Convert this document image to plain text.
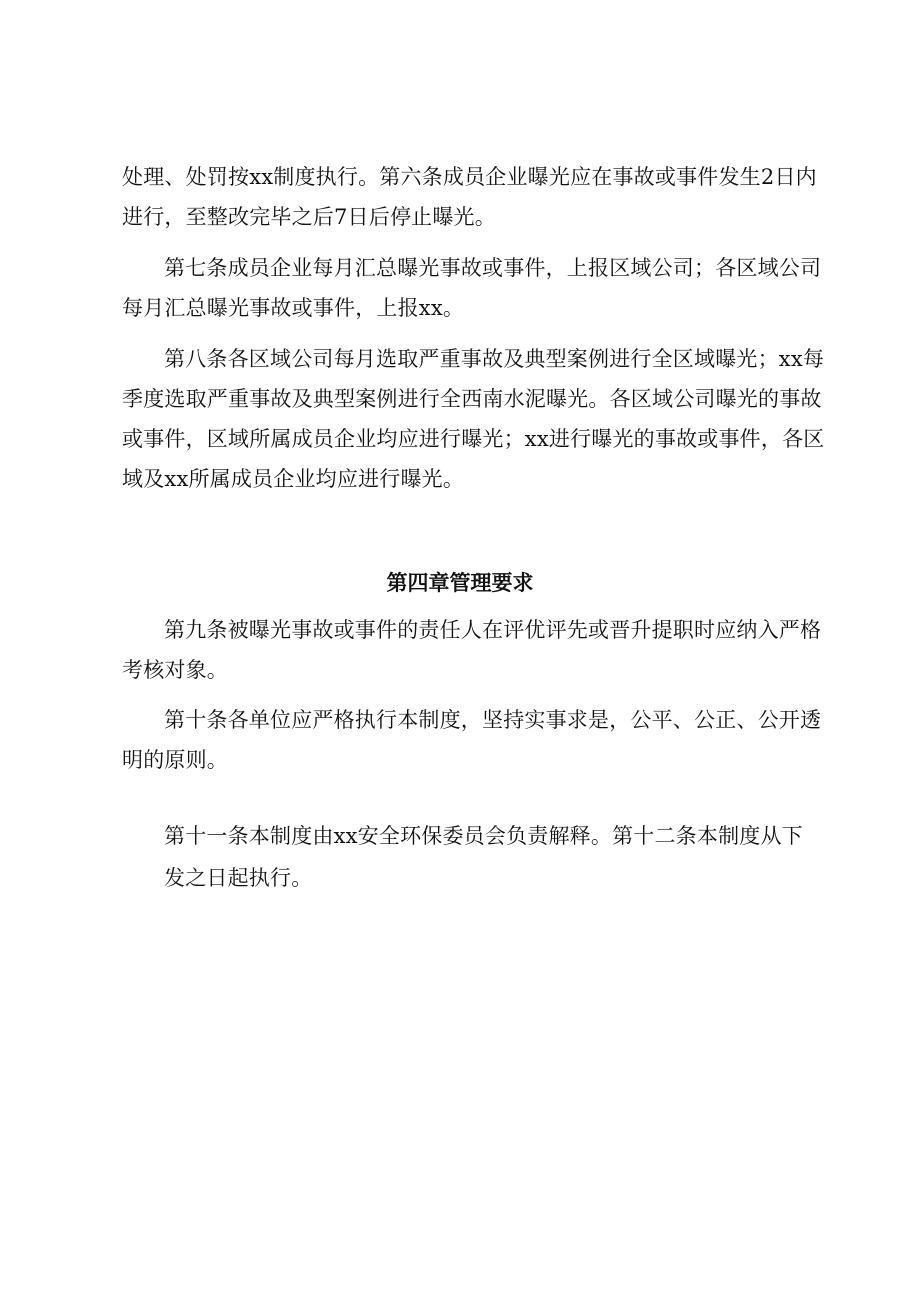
处理、处罚按xx制度执行。第六条成员企业曝光应在事故或事件发生2日内进行，至整改完毕之后7日后停止曝光。

第七条成员企业每月汇总曝光事故或事件，上报区域公司；各区域公司每月汇总曝光事故或事件，上报xx。

第八条各区域公司每月选取严重事故及典型案例进行全区域曝光；xx每季度选取严重事故及典型案例进行全西南水泥曝光。各区域公司曝光的事故或事件，区域所属成员企业均应进行曝光；xx进行曝光的事故或事件，各区域及xx所属成员企业均应进行曝光。

第四章管理要求

第九条被曝光事故或事件的责任人在评优评先或晋升提职时应纳入严格考核对象。

第十条各单位应严格执行本制度，坚持实事求是，公平、公正、公开透明的原则。

第十一条本制度由xx安全环保委员会负责解释。第十二条本制度从下发之日起执行。
